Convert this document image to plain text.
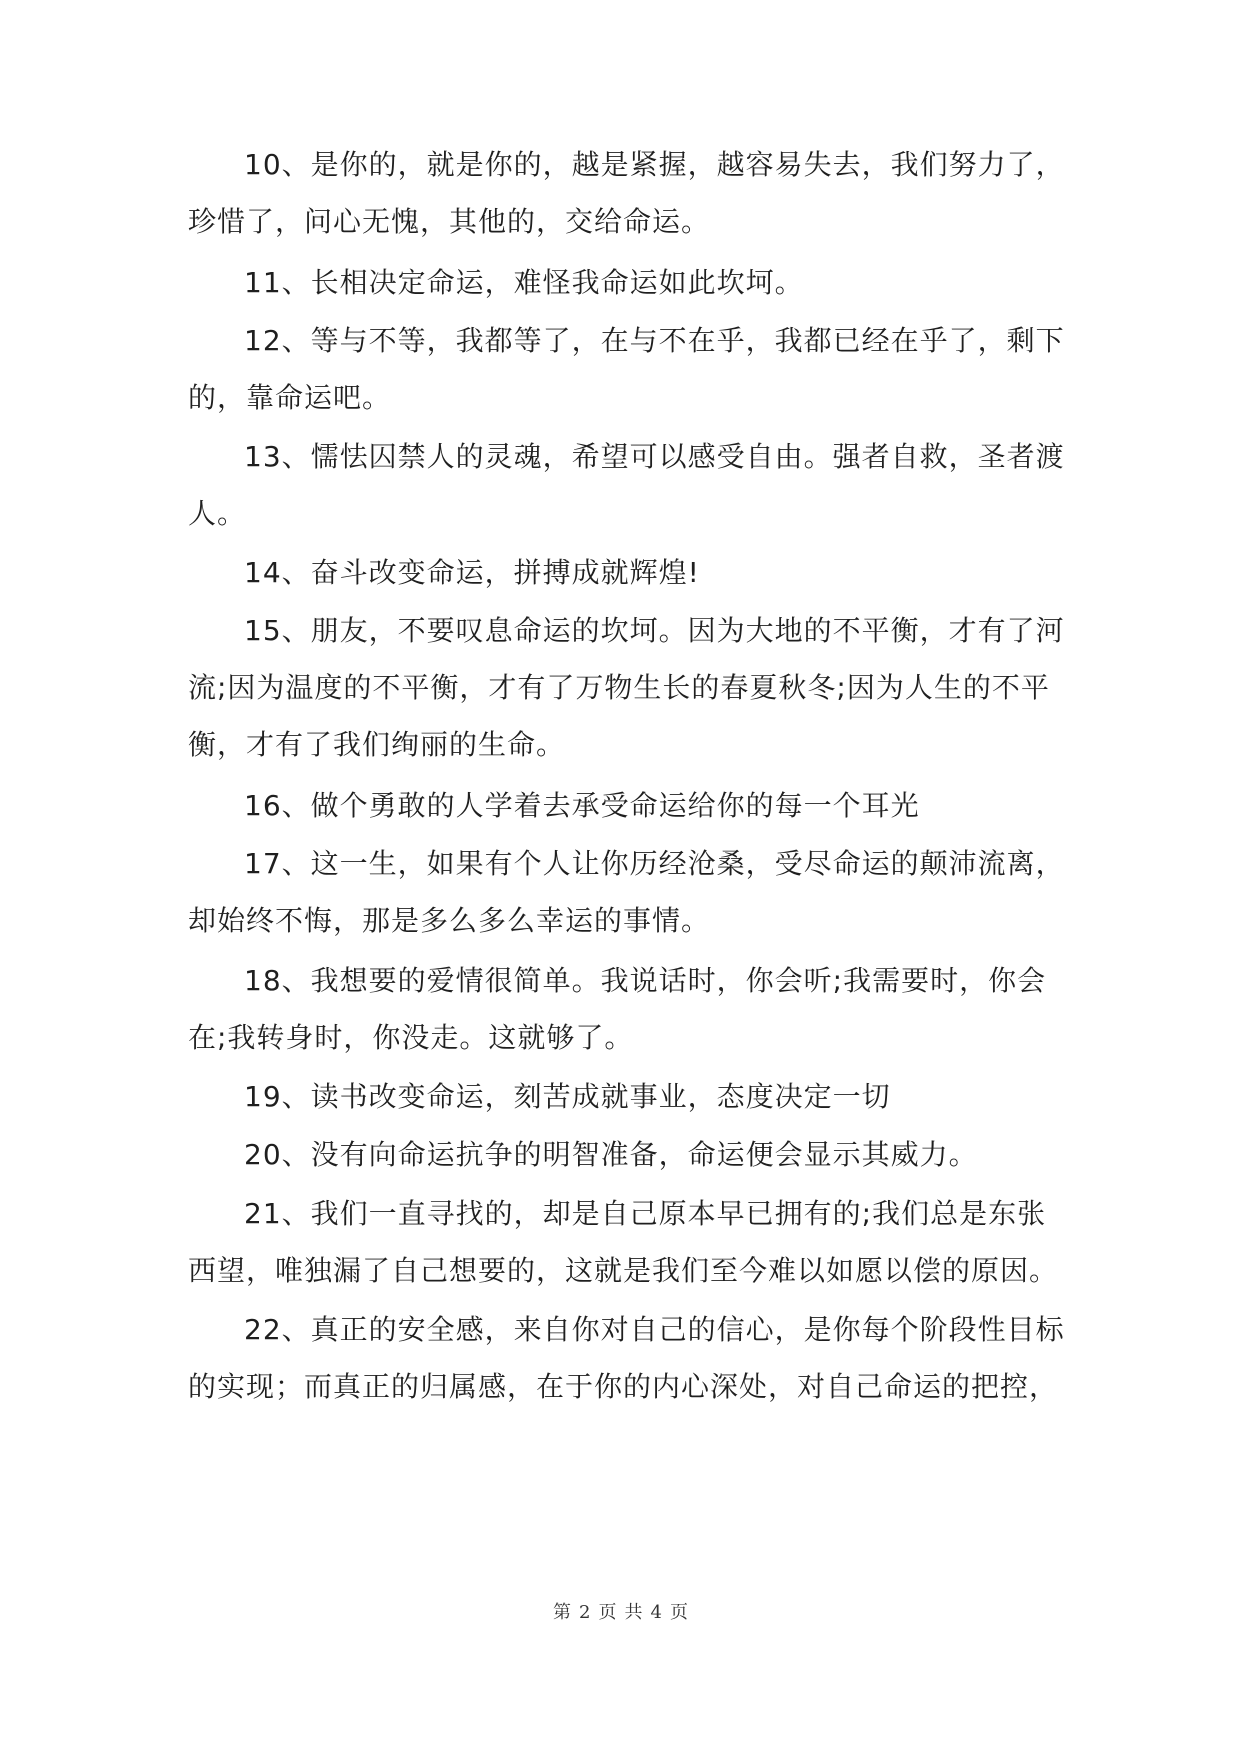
10、是你的，就是你的，越是紧握，越容易失去，我们努力了，
珍惜了，问心无愧，其他的，交给命运。

11、长相决定命运，难怪我命运如此坎坷。

12、等与不等，我都等了，在与不在乎，我都已经在乎了，剩下
的，靠命运吧。

13、懦怯囚禁人的灵魂，希望可以感受自由。强者自救，圣者渡
人。

14、奋斗改变命运，拼搏成就辉煌!

15、朋友，不要叹息命运的坎坷。因为大地的不平衡，才有了河
流;因为温度的不平衡，才有了万物生长的春夏秋冬;因为人生的不平
衡，才有了我们绚丽的生命。

16、做个勇敢的人学着去承受命运给你的每一个耳光

17、这一生，如果有个人让你历经沧桑，受尽命运的颠沛流离，
却始终不悔，那是多么多么幸运的事情。

18、我想要的爱情很简单。我说话时，你会听;我需要时，你会
在;我转身时，你没走。这就够了。

19、读书改变命运，刻苦成就事业，态度决定一切

20、没有向命运抗争的明智准备，命运便会显示其威力。

21、我们一直寻找的，却是自己原本早已拥有的;我们总是东张
西望，唯独漏了自己想要的，这就是我们至今难以如愿以偿的原因。

22、真正的安全感，来自你对自己的信心，是你每个阶段性目标
的实现；而真正的归属感，在于你的内心深处，对自己命运的把控，

第 2 页 共 4 页
